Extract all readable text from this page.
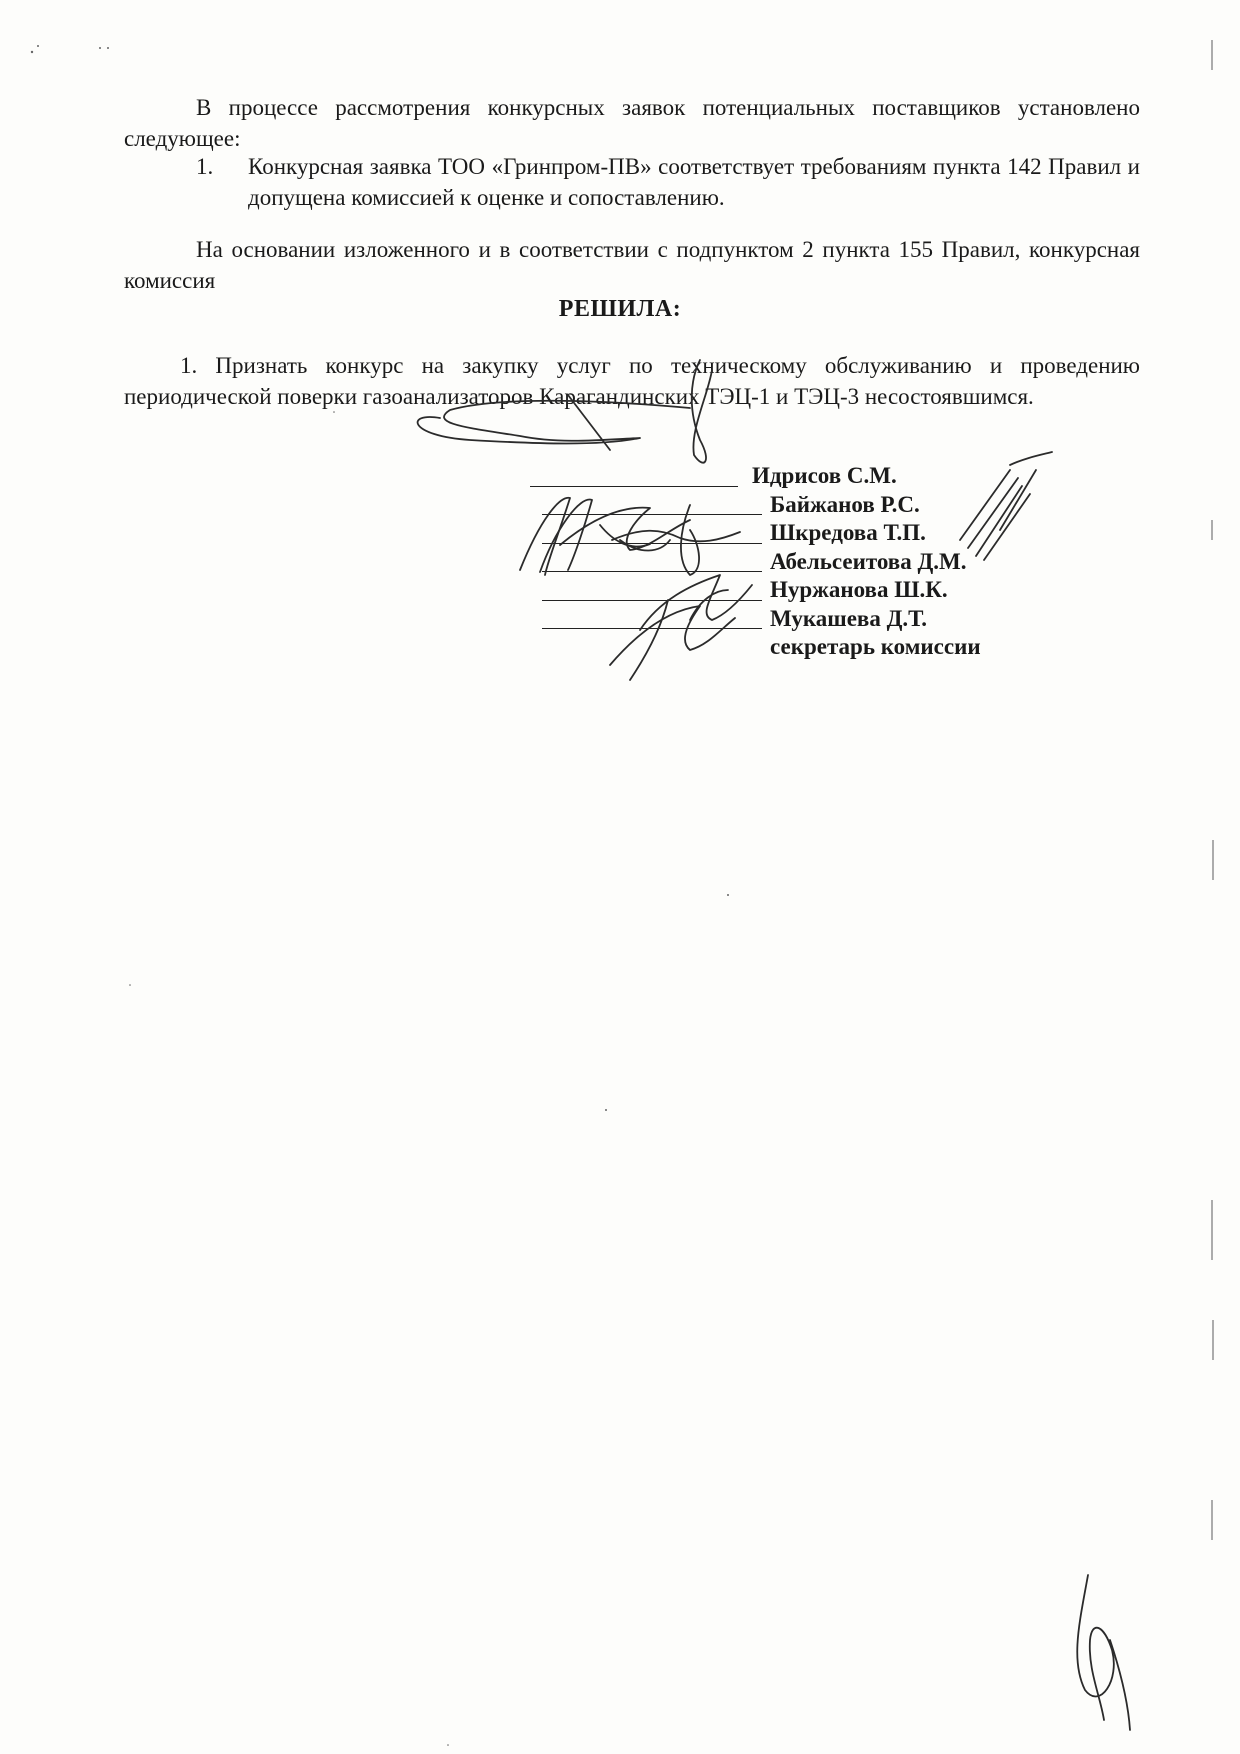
В процессе рассмотрения конкурсных заявок потенциальных поставщиков установлено следующее:

1. Конкурсная заявка ТОО «Гринпром-ПВ» соответствует требованиям пункта 142 Правил и допущена комиссией к оценке и сопоставлению.

На основании изложенного и в соответствии с подпунктом 2 пункта 155 Правил, конкурсная комиссия

РЕШИЛА:

1. Признать конкурс на закупку услуг по техническому обслуживанию и проведению периодической поверки газоанализаторов Карагандинских ТЭЦ-1 и ТЭЦ-3 несостоявшимся.

Идрисов С.М.
Байжанов Р.С.
Шкредова Т.П.
Абельсеитова Д.М.
Нуржанова Ш.К.
Мукашева Д.Т.
секретарь комиссии
